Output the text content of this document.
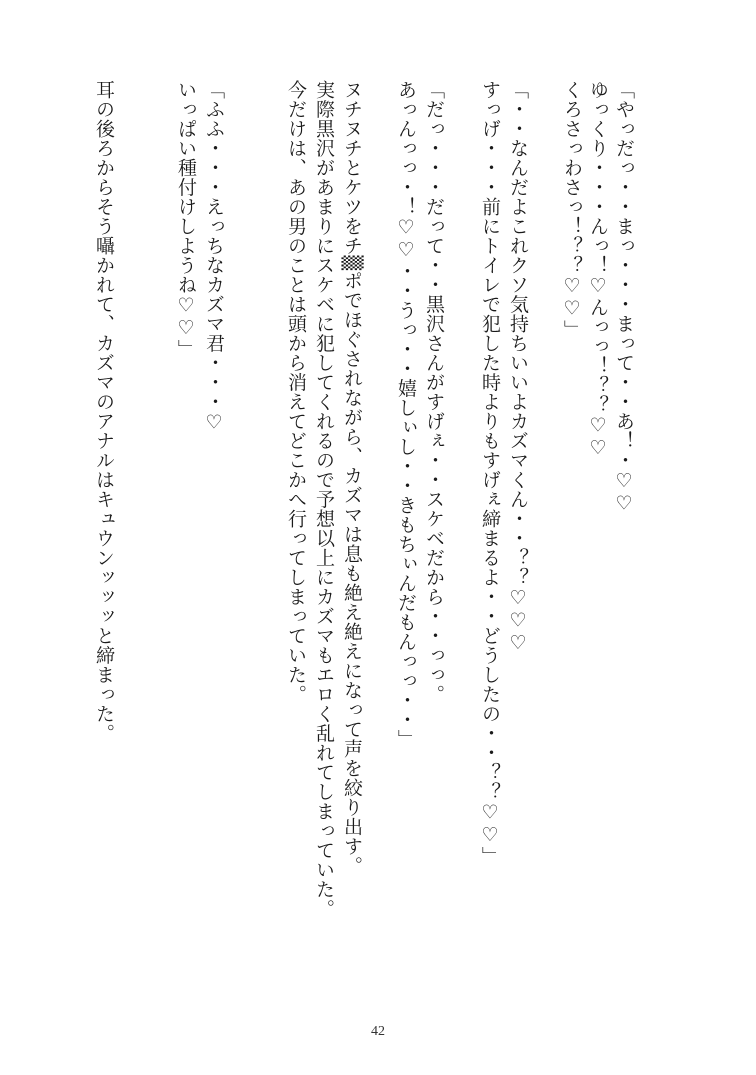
「やっだっ・・まっ・・・まって・・あ！・♡♡
ゆっくり・・・んっ！♡んっっ！？？♡♡
くろさっわさっ！？？♡♡」
「・・なんだよこれクソ気持ちいいよカズマくん・・？？♡♡♡
すっげ・・・前にトイレで犯した時よりもすげぇ締まるよ・・どうしたの・・？？♡♡」
「だっ・・・だって・・黒沢さんがすげぇ・・スケベだから・・っっ。
あっんっっ・！♡♡・・うっ・・嬉しぃし・・きもちぃんだもんっっ・・」
ヌチヌチとケツをチ▒ポでほぐされながら、カズマは息も絶え絶えになって声を絞り出す。
実際黒沢があまりにスケベに犯してくれるので予想以上にカズマもエロく乱れてしまっていた。
今だけは、あの男のことは頭から消えてどこかへ行ってしまっていた。
「ふふ・・・えっちなカズマ君・・・♡
いっぱい種付けしようね♡♡」
耳の後ろからそう囁かれて、カズマのアナルはキュウンッッッと締まった。
42
